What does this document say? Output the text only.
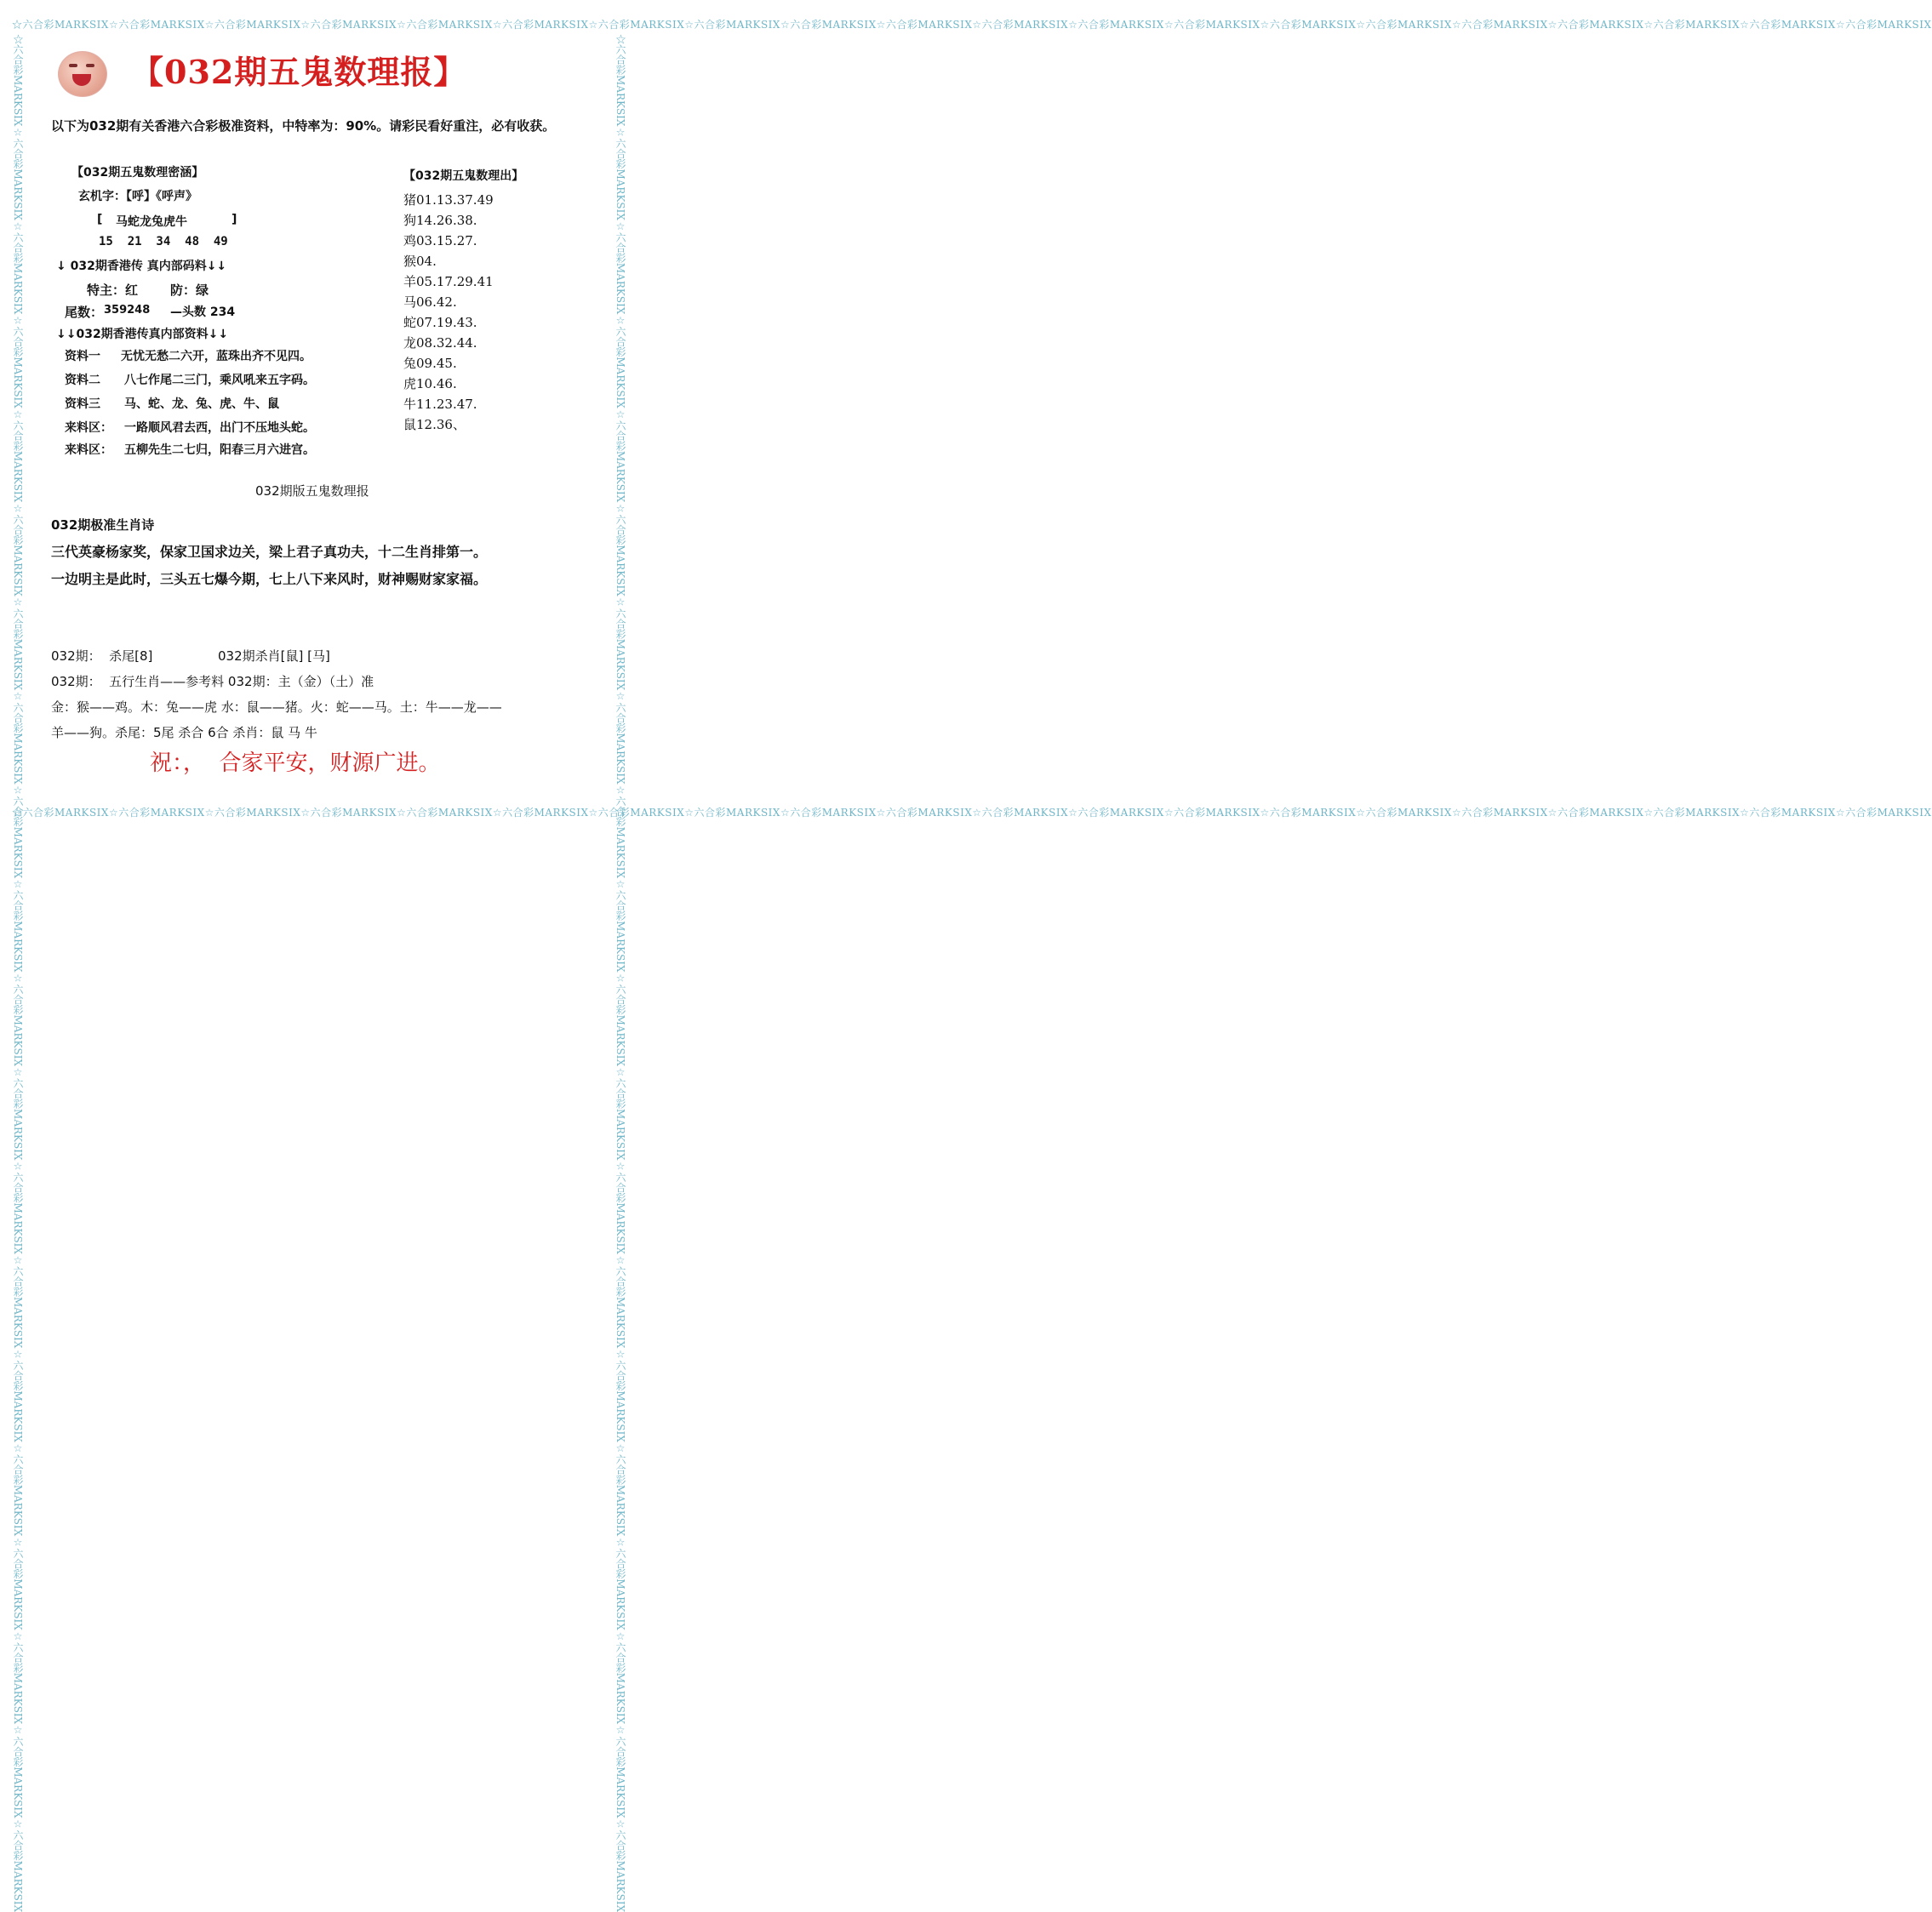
☆六合彩MARKSIX☆六合彩MARKSIX☆六合彩MARKSIX☆六合彩MARKSIX☆六合彩MARKSIX☆六合彩MARKSIX☆六合彩MARKSIX☆六合彩MARKSIX☆六合彩MARKSIX☆六合彩MARKSIX☆六合彩MARKSIX☆六合彩MARKSIX☆六合彩MARKSIX☆六合彩MARKSIX☆六合彩MARKSIX☆六合彩MARKSIX☆六合彩MARKSIX☆六合彩MARKSIX☆六合彩MARKSIX☆六合彩MARKSIX
☆六合彩MARKSIX☆六合彩MARKSIX☆六合彩MARKSIX☆六合彩MARKSIX☆六合彩MARKSIX☆六合彩MARKSIX☆六合彩MARKSIX☆六合彩MARKSIX☆六合彩MARKSIX☆六合彩MARKSIX☆六合彩MARKSIX☆六合彩MARKSIX☆六合彩MARKSIX☆六合彩MARKSIX☆六合彩MARKSIX☆六合彩MARKSIX☆六合彩MARKSIX☆六合彩MARKSIX☆六合彩MARKSIX☆六合彩MARKSIX
☆六合彩MARKSIX☆六合彩MARKSIX☆六合彩MARKSIX☆六合彩MARKSIX☆六合彩MARKSIX☆六合彩MARKSIX☆六合彩MARKSIX☆六合彩MARKSIX☆六合彩MARKSIX☆六合彩MARKSIX☆六合彩MARKSIX☆六合彩MARKSIX☆六合彩MARKSIX☆六合彩MARKSIX☆六合彩MARKSIX☆六合彩MARKSIX☆六合彩MARKSIX☆六合彩MARKSIX☆六合彩MARKSIX☆六合彩MARKSIX	☆六合彩MARKSIX☆六合彩MARKSIX☆六合彩MARKSIX☆六合彩MARKSIX☆六合彩MARKSIX☆六合彩MARKSIX☆六合彩MARKSIX☆六合彩MARKSIX☆六合彩MARKSIX☆六合彩MARKSIX☆六合彩MARKSIX☆六合彩MARKSIX☆六合彩MARKSIX☆六合彩MARKSIX☆六合彩MARKSIX☆六合彩MARKSIX☆六合彩MARKSIX☆六合彩MARKSIX☆六合彩MARKSIX☆六合彩MARKSIX
【032期五鬼数理报】
以下为032期有关香港六合彩极准资料，中特率为：90%。请彩民看好重注，必有收获。
【032期五鬼数理密涵】
玄机字：【呼】《呼声》
[ 马蛇龙兔虎牛	]
15  21  34  48  49
↓ 032期香港传 真内部码料↓↓
特主：红	防：绿
尾数： 359248 —头数 234
↓↓032期香港传真内部资料↓↓
资料一 无忧无愁二六开，蓝珠出齐不见四。
资料二 八七作尾二三门，乘风吼来五字码。
资料三 马、蛇、龙、兔、虎、牛、鼠
来料区： 一路顺风君去西，出门不压地头蛇。
来料区： 五柳先生二七归，阳春三月六进宫。
【032期五鬼数理出】
猪01.13.37.49
狗14.26.38.
鸡03.15.27.
猴04.
羊05.17.29.41
马06.42.
蛇07.19.43.
龙08.32.44.
兔09.45.
虎10.46.
牛11.23.47.
鼠12.36、
032期版五鬼数理报
032期极准生肖诗
三代英豪杨家奖，保家卫国求边关，梁上君子真功夫，十二生肖排第一。
一边明主是此时，三头五七爆今期，七上八下来风时，财神赐财家家福。
032期：  杀尾[8]	032期杀肖[鼠] [马]
032期：  五行生肖——参考料 032期：主（金）（土）准
金：猴——鸡。木：兔——虎 水：鼠——猪。火：蛇——马。土：牛——龙——
羊——狗。杀尾：5尾 杀合 6合 杀肖：鼠 马 牛
祝：，  合家平安，财源广进。
